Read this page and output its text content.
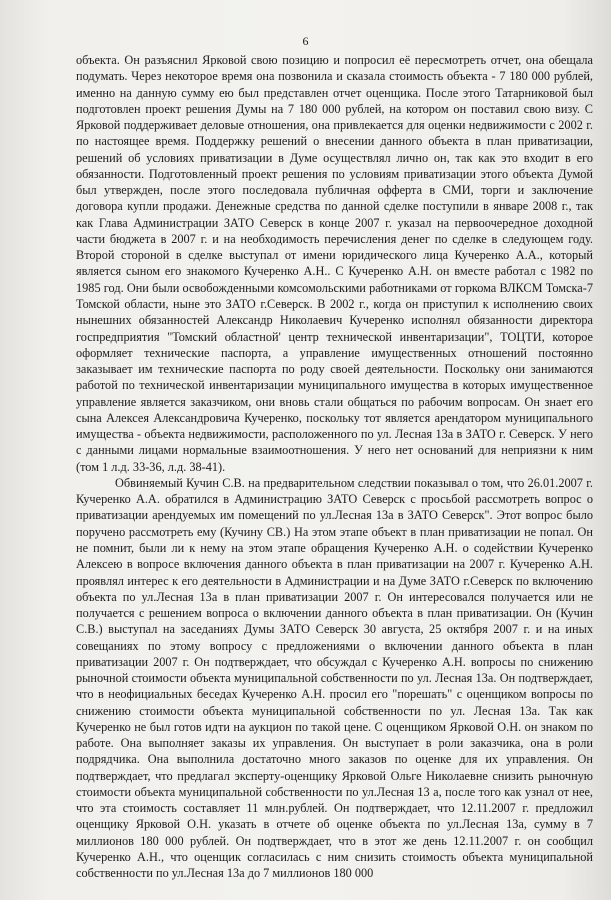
6

объекта. Он разъяснил Ярковой свою позицию и попросил её пересмотреть отчет, она обещала подумать. Через некоторое время она позвонила и сказала стоимость объекта - 7 180 000 рублей, именно на данную сумму ею был представлен отчет оценщика. После этого Татарниковой был подготовлен проект решения Думы на 7 180 000 рублей, на котором он поставил свою визу. С Ярковой поддерживает деловые отношения, она привлекается для оценки недвижимости с 2002 г. по настоящее время. Поддержку решений о внесении данного объекта в план приватизации, решений об условиях приватизации в Думе осуществлял лично он, так как это входит в его обязанности. Подготовленный проект решения по условиям приватизации этого объекта Думой был утвержден, после этого последовала публичная офферта в СМИ, торги и заключение договора купли продажи. Денежные средства по данной сделке поступили в январе 2008 г., так как Глава Администрации ЗАТО Северск в конце 2007 г. указал на первоочередное доходной части бюджета в 2007 г. и на необходимость перечисления денег по сделке в следующем году. Второй стороной в сделке выступал от имени юридического лица Кучеренко А.А., который является сыном его знакомого Кучеренко А.Н.. С Кучеренко А.Н. он вместе работал с 1982 по 1985 год. Они были освобожденными комсомольскими работниками от горкома ВЛКСМ Томска-7 Томской области, ныне это ЗАТО г.Северск. В 2002 г., когда он приступил к исполнению своих нынешних обязанностей Александр Николаевич Кучеренко исполнял обязанности директора госпредприятия "Томский областной' центр технической инвентаризации", ТОЦТИ, которое оформляет технические паспорта, а управление имущественных отношений постоянно заказывает им технические паспорта по роду своей деятельности. Поскольку они занимаются работой по технической инвентаризации муниципального имущества в которых имущественное управление является заказчиком, они вновь стали общаться по рабочим вопросам. Он знает его сына Алексея Александровича Кучеренко, поскольку тот является арендатором муниципального имущества - объекта недвижимости, расположенного по ул. Лесная 13а в ЗАТО г. Северск. У него с данными лицами нормальные взаимоотношения. У него нет оснований для неприязни к ним (том 1 л.д. 33-36, л.д. 38-41).

Обвиняемый Кучин С.В. на предварительном следствии показывал о том, что 26.01.2007 г. Кучеренко А.А. обратился в Администрацию ЗАТО Северск с просьбой рассмотреть вопрос о приватизации арендуемых им помещений по ул.Лесная 13а в ЗАТО Северск". Этот вопрос было поручено рассмотреть ему (Кучину СВ.) На этом этапе объект в план приватизации не попал. Он не помнит, были ли к нему на этом этапе обращения Кучеренко А.Н. о содействии Кучеренко Алексею в вопросе включения данного объекта в план приватизации на 2007 г. Кучеренко А.Н. проявлял интерес к его деятельности в Администрации и на Думе ЗАТО г.Северск по включению объекта по ул.Лесная 13а в план приватизации 2007 г. Он интересовался получается или не получается с решением вопроса о включении данного объекта в план приватизации. Он (Кучин С.В.) выступал на заседаниях Думы ЗАТО Северск 30 августа, 25 октября 2007 г. и на иных совещаниях по этому вопросу с предложениями о включении данного объекта в план приватизации 2007 г. Он подтверждает, что обсуждал с Кучеренко А.Н. вопросы по снижению рыночной стоимости объекта муниципальной собственности по ул. Лесная 13а. Он подтверждает, что в неофициальных беседах Кучеренко А.Н. просил его "порешать" с оценщиком вопросы по снижению стоимости объекта муниципальной собственности по ул. Лесная 13а. Так как Кучеренко не был готов идти на аукцион по такой цене. С оценщиком Ярковой О.Н. он знаком по работе. Она выполняет заказы их управления. Он выступает в роли заказчика, она в роли подрядчика. Она выполнила достаточно много заказов по оценке для их управления. Он подтверждает, что предлагал эксперту-оценщику Ярковой Ольге Николаевне снизить рыночную стоимости объекта муниципальной собственности по ул.Лесная 13 а, после того как узнал от нее, что эта стоимость составляет 11 млн.рублей. Он подтверждает, что 12.11.2007 г. предложил оценщику Ярковой О.Н. указать в отчете об оценке объекта по ул.Лесная 13а, сумму в 7 миллионов 180 000 рублей. Он подтверждает, что в этот же день 12.11.2007 г. он сообщил Кучеренко А.Н., что оценщик согласилась с ним снизить стоимость объекта муниципальной собственности по ул.Лесная 13а до 7 миллионов 180 000
